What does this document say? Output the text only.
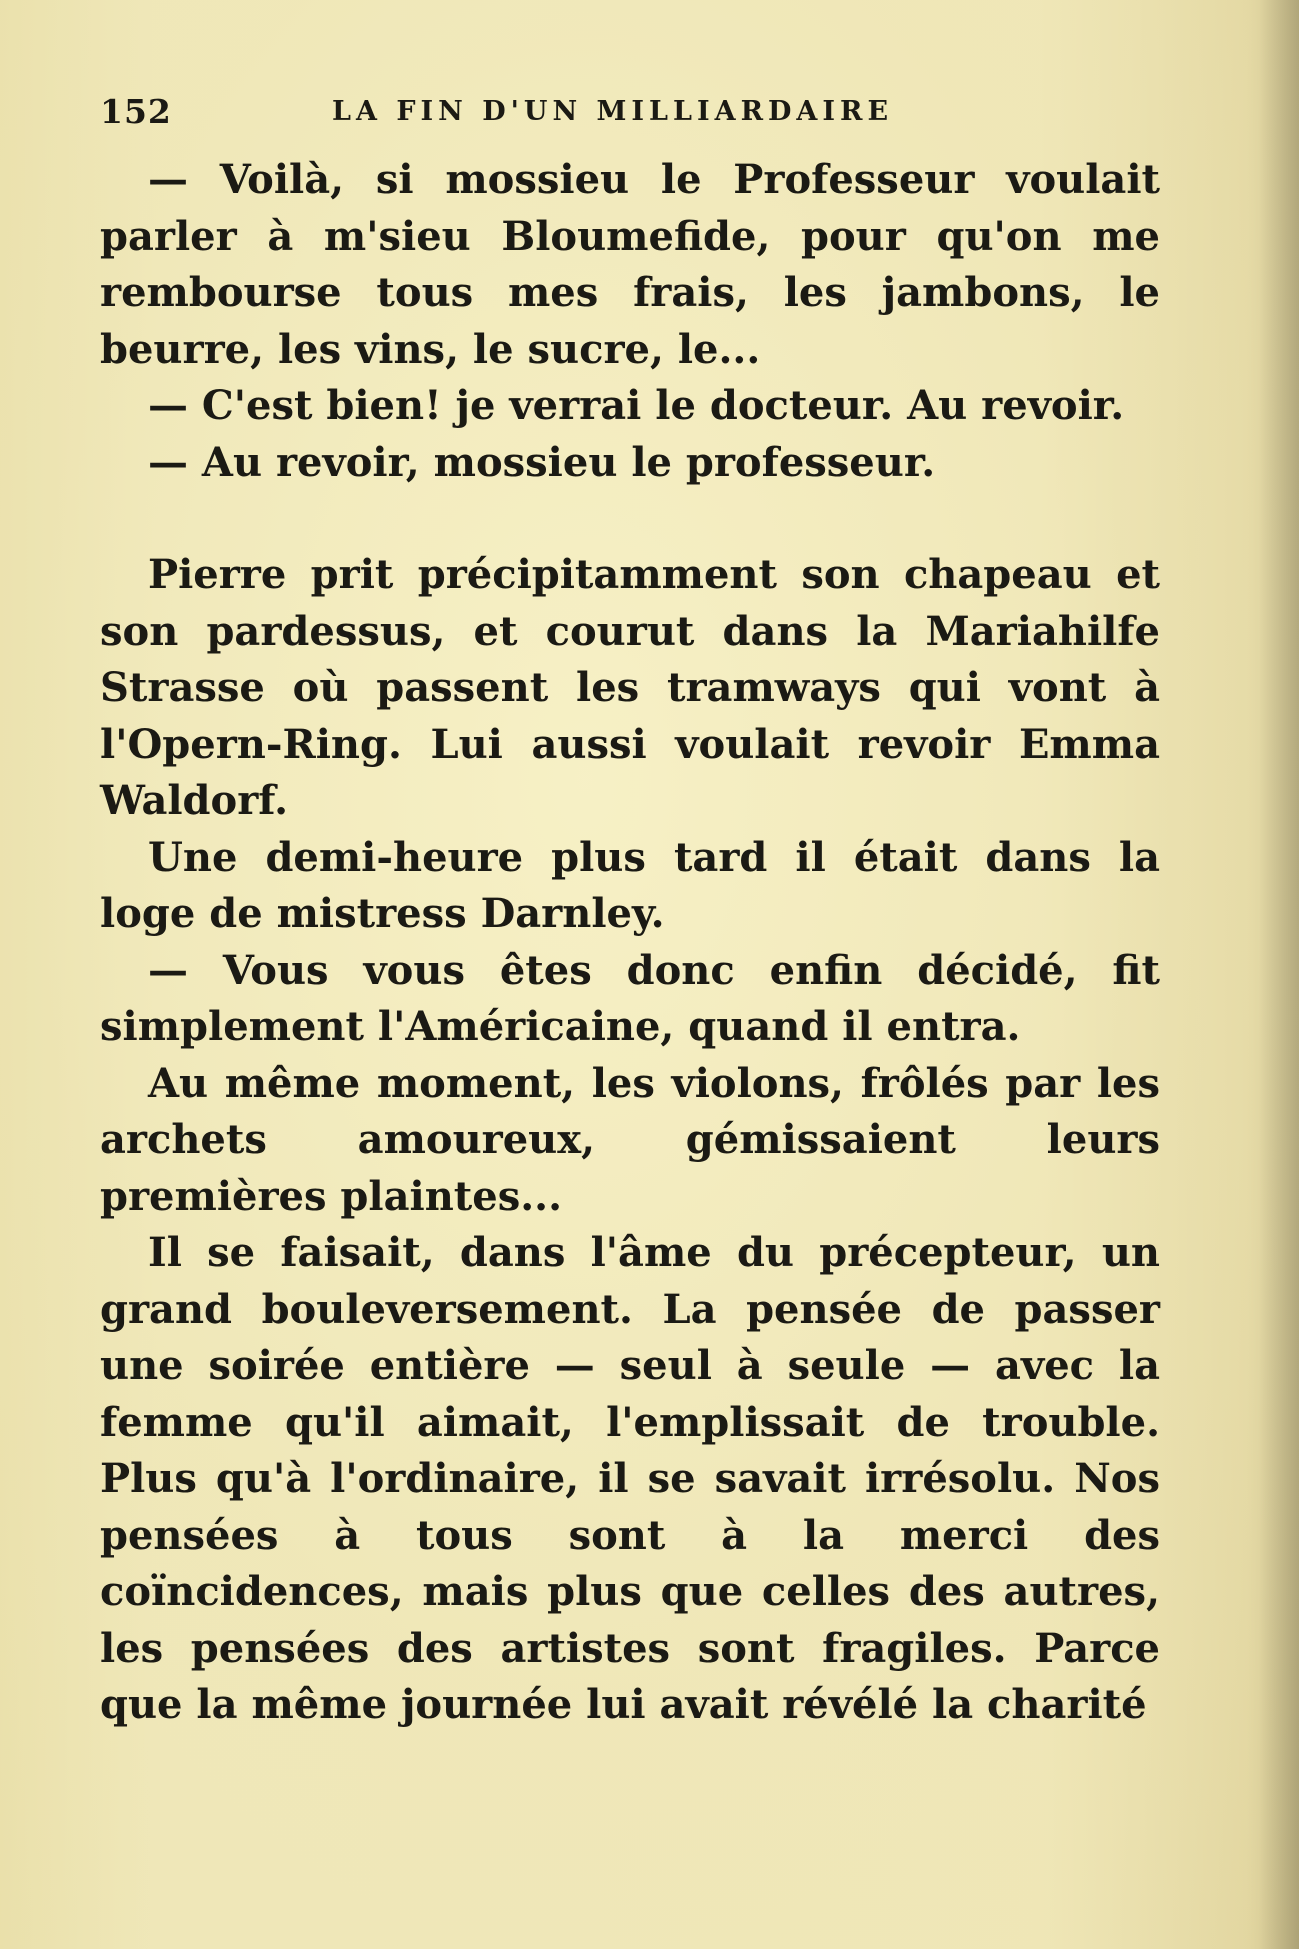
152	LA FIN D'UN MILLIARDAIRE

— Voilà, si mossieu le Professeur voulait parler à m'sieu Bloumefide, pour qu'on me rembourse tous mes frais, les jambons, le beurre, les vins, le sucre, le...

— C'est bien! je verrai le docteur. Au revoir.

— Au revoir, mossieu le professeur.

Pierre prit précipitamment son chapeau et son pardessus, et courut dans la Mariahilfe Strasse où passent les tramways qui vont à l'Opern-Ring. Lui aussi voulait revoir Emma Waldorf.

Une demi-heure plus tard il était dans la loge de mistress Darnley.

— Vous vous êtes donc enfin décidé, fit simplement l'Américaine, quand il entra.

Au même moment, les violons, frôlés par les archets amoureux, gémissaient leurs premières plaintes...

Il se faisait, dans l'âme du précepteur, un grand bouleversement. La pensée de passer une soirée entière — seul à seule — avec la femme qu'il aimait, l'emplissait de trouble. Plus qu'à l'ordinaire, il se savait irrésolu. Nos pensées à tous sont à la merci des coïncidences, mais plus que celles des autres, les pensées des artistes sont fragiles. Parce que la même journée lui avait révélé la charité
